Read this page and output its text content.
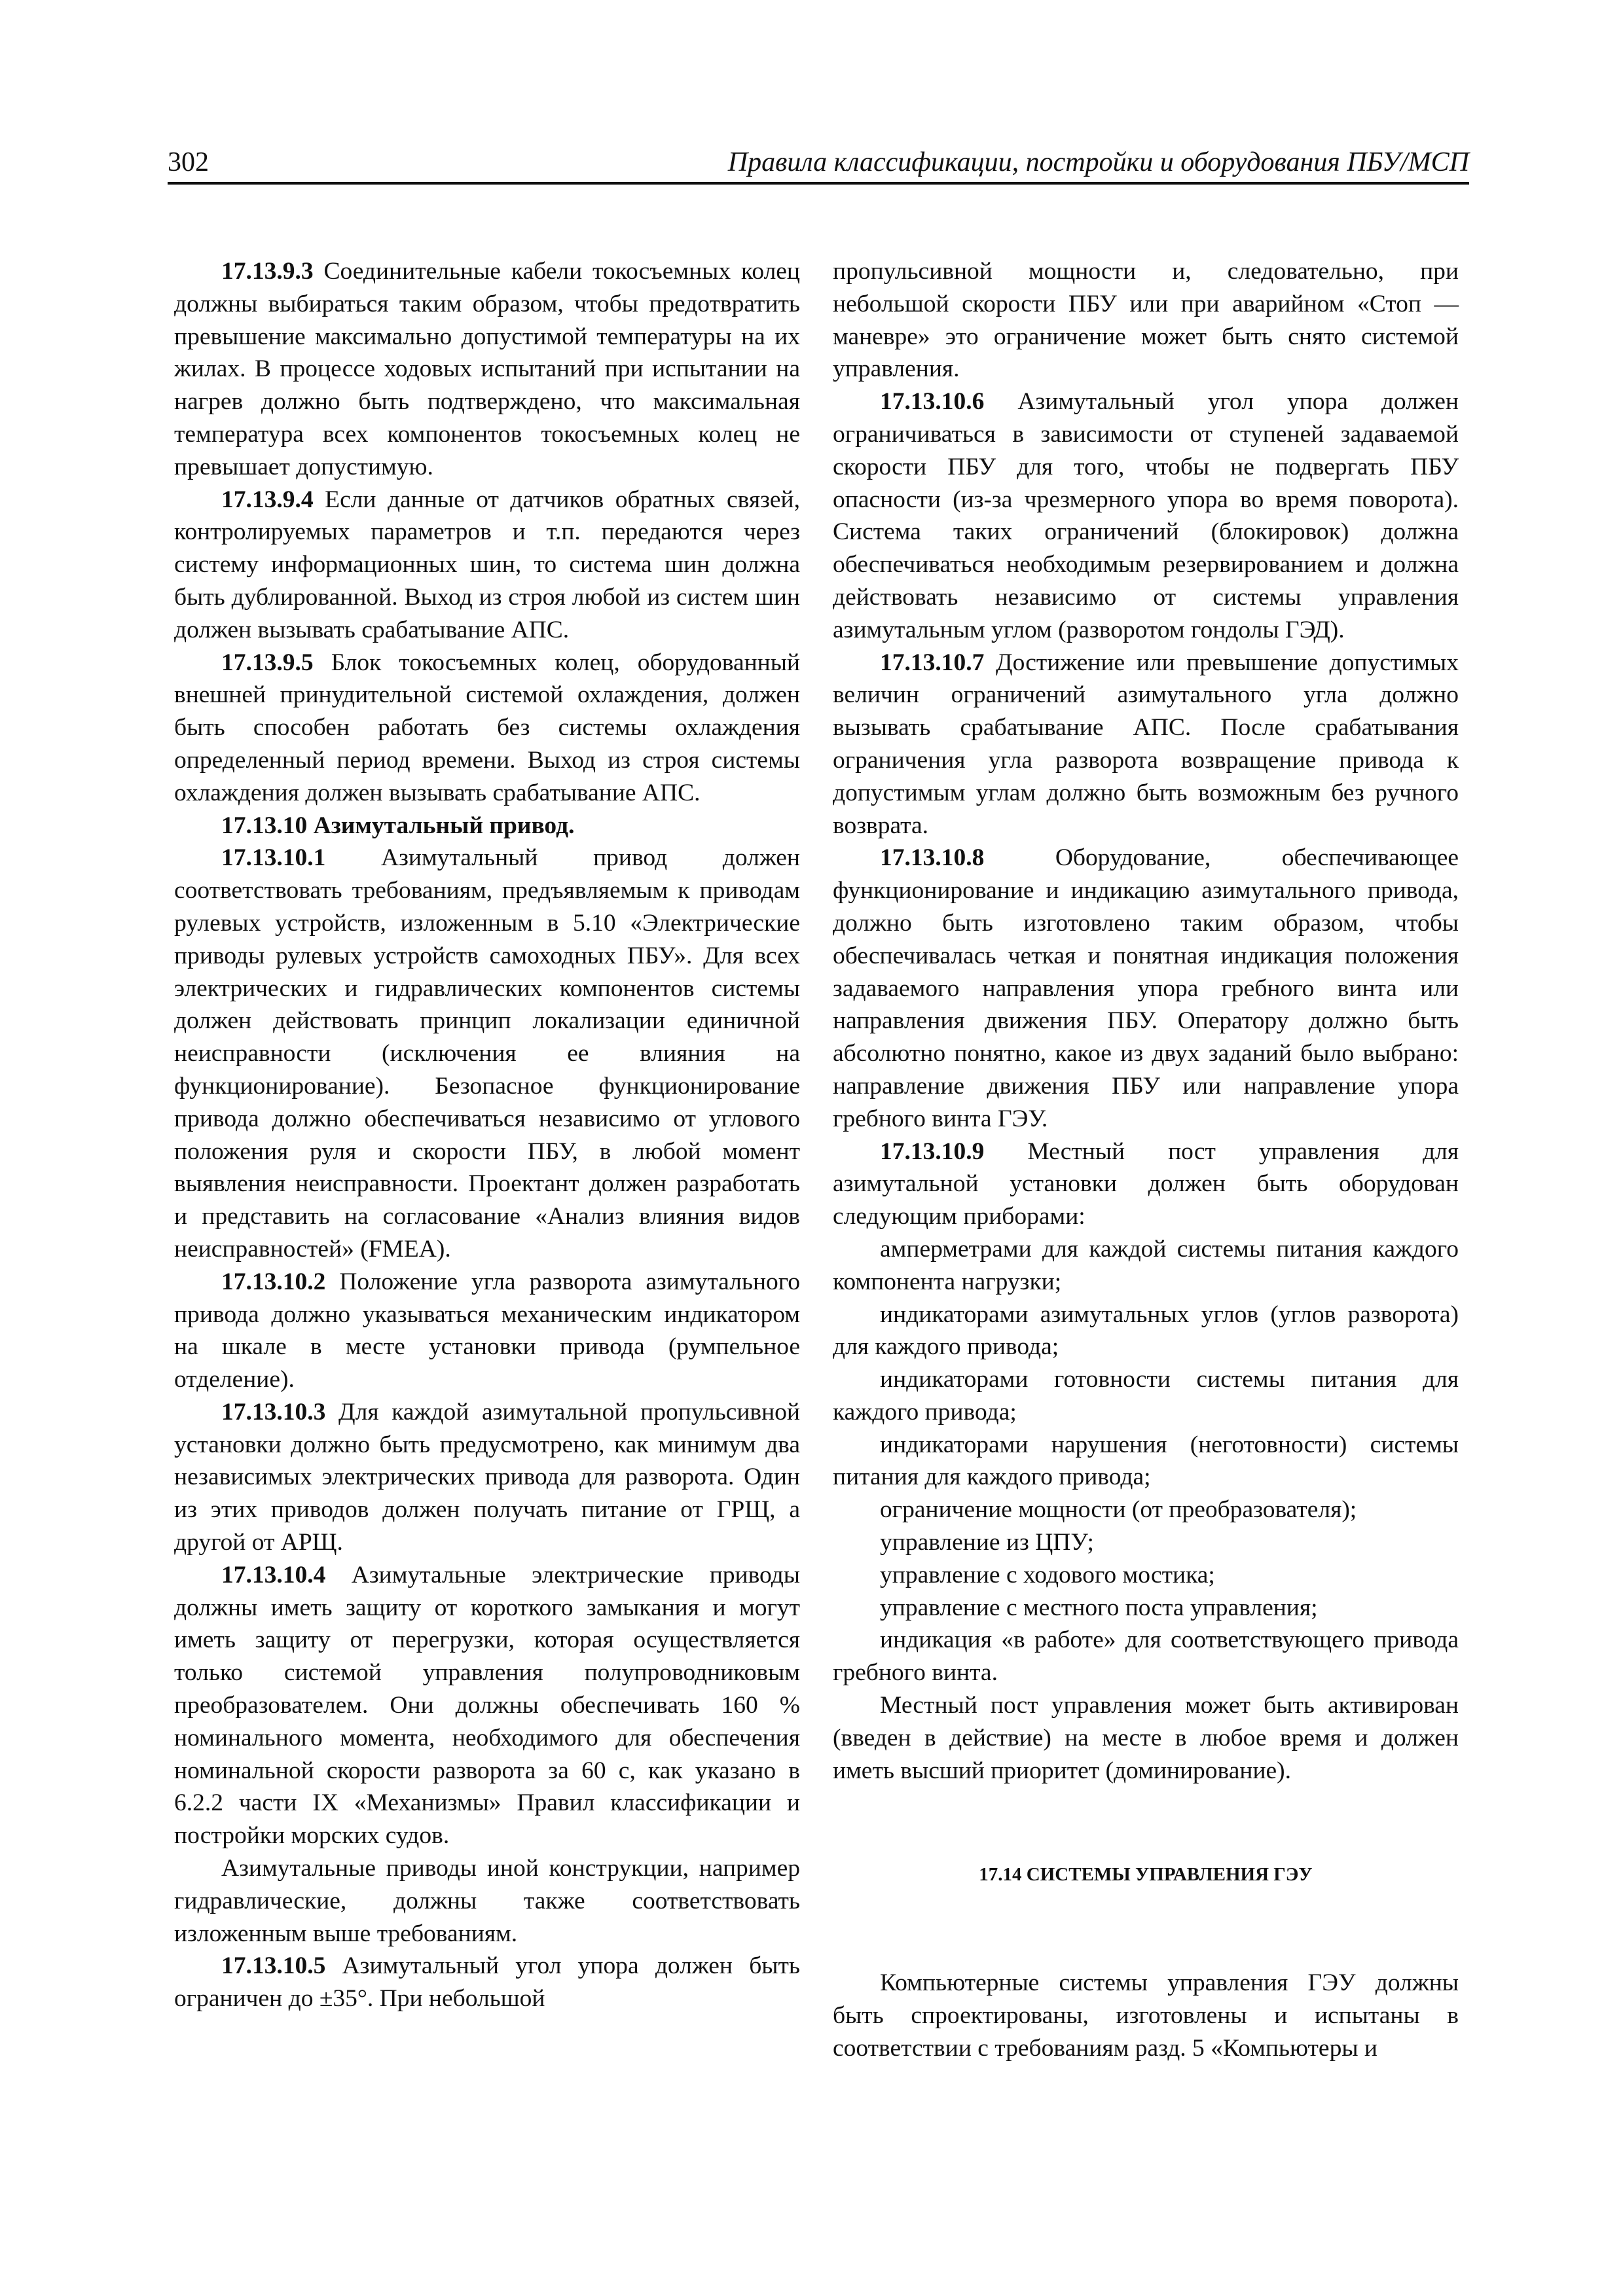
302	Правила классификации, постройки и оборудования ПБУ/МСП

17.13.9.3 Соединительные кабели токосъемных колец должны выбираться таким образом, чтобы предотвратить превышение максимально допустимой температуры на их жилах. В процессе ходовых испытаний при испытании на нагрев должно быть подтверждено, что максимальная температура всех компонентов токосъемных колец не превышает допустимую.

17.13.9.4 Если данные от датчиков обратных связей, контролируемых параметров и т.п. передаются через систему информационных шин, то система шин должна быть дублированной. Выход из строя любой из систем шин должен вызывать срабатывание АПС.

17.13.9.5 Блок токосъемных колец, оборудованный внешней принудительной системой охлаждения, должен быть способен работать без системы охлаждения определенный период времени. Выход из строя системы охлаждения должен вызывать срабатывание АПС.

17.13.10 Азимутальный привод.

17.13.10.1 Азимутальный привод должен соответствовать требованиям, предъявляемым к приводам рулевых устройств, изложенным в 5.10 «Электрические приводы рулевых устройств самоходных ПБУ». Для всех электрических и гидравлических компонентов системы должен действовать принцип локализации единичной неисправности (исключения ее влияния на функционирование). Безопасное функционирование привода должно обеспечиваться независимо от углового положения руля и скорости ПБУ, в любой момент выявления неисправности. Проектант должен разработать и представить на согласование «Анализ влияния видов неисправностей» (FMEA).

17.13.10.2 Положение угла разворота азимутального привода должно указываться механическим индикатором на шкале в месте установки привода (румпельное отделение).

17.13.10.3 Для каждой азимутальной пропульсивной установки должно быть предусмотрено, как минимум два независимых электрических привода для разворота. Один из этих приводов должен получать питание от ГРЩ, а другой от АРЩ.

17.13.10.4 Азимутальные электрические приводы должны иметь защиту от короткого замыкания и могут иметь защиту от перегрузки, которая осуществляется только системой управления полупроводниковым преобразователем. Они должны обеспечивать 160 % номинального момента, необходимого для обеспечения номинальной скорости разворота за 60 с, как указано в 6.2.2 части IX «Механизмы» Правил классификации и постройки морских судов.

Азимутальные приводы иной конструкции, например гидравлические, должны также соответствовать изложенным выше требованиям.

17.13.10.5 Азимутальный угол упора должен быть ограничен до ±35°. При небольшой

пропульсивной мощности и, следовательно, при небольшой скорости ПБУ или при аварийном «Стоп — маневре» это ограничение может быть снято системой управления.

17.13.10.6 Азимутальный угол упора должен ограничиваться в зависимости от ступеней задаваемой скорости ПБУ для того, чтобы не подвергать ПБУ опасности (из-за чрезмерного упора во время поворота). Система таких ограничений (блокировок) должна обеспечиваться необходимым резервированием и должна действовать независимо от системы управления азимутальным углом (разворотом гондолы ГЭД).

17.13.10.7 Достижение или превышение допустимых величин ограничений азимутального угла должно вызывать срабатывание АПС. После срабатывания ограничения угла разворота возвращение привода к допустимым углам должно быть возможным без ручного возврата.

17.13.10.8 Оборудование, обеспечивающее функционирование и индикацию азимутального привода, должно быть изготовлено таким образом, чтобы обеспечивалась четкая и понятная индикация положения задаваемого направления упора гребного винта или направления движения ПБУ. Оператору должно быть абсолютно понятно, какое из двух заданий было выбрано: направление движения ПБУ или направление упора гребного винта ГЭУ.

17.13.10.9 Местный пост управления для азимутальной установки должен быть оборудован следующим приборами:

амперметрами для каждой системы питания каждого компонента нагрузки;

индикаторами азимутальных углов (углов разворота) для каждого привода;

индикаторами готовности системы питания для каждого привода;

индикаторами нарушения (неготовности) системы питания для каждого привода;

ограничение мощности (от преобразователя);

управление из ЦПУ;

управление с ходового мостика;

управление с местного поста управления;

индикация «в работе» для соответствующего привода гребного винта.

Местный пост управления может быть активирован (введен в действие) на месте в любое время и должен иметь высший приоритет (доминирование).

17.14 СИСТЕМЫ УПРАВЛЕНИЯ ГЭУ

Компьютерные системы управления ГЭУ должны быть спроектированы, изготовлены и испытаны в соответствии с требованиям разд. 5 «Компьютеры и
